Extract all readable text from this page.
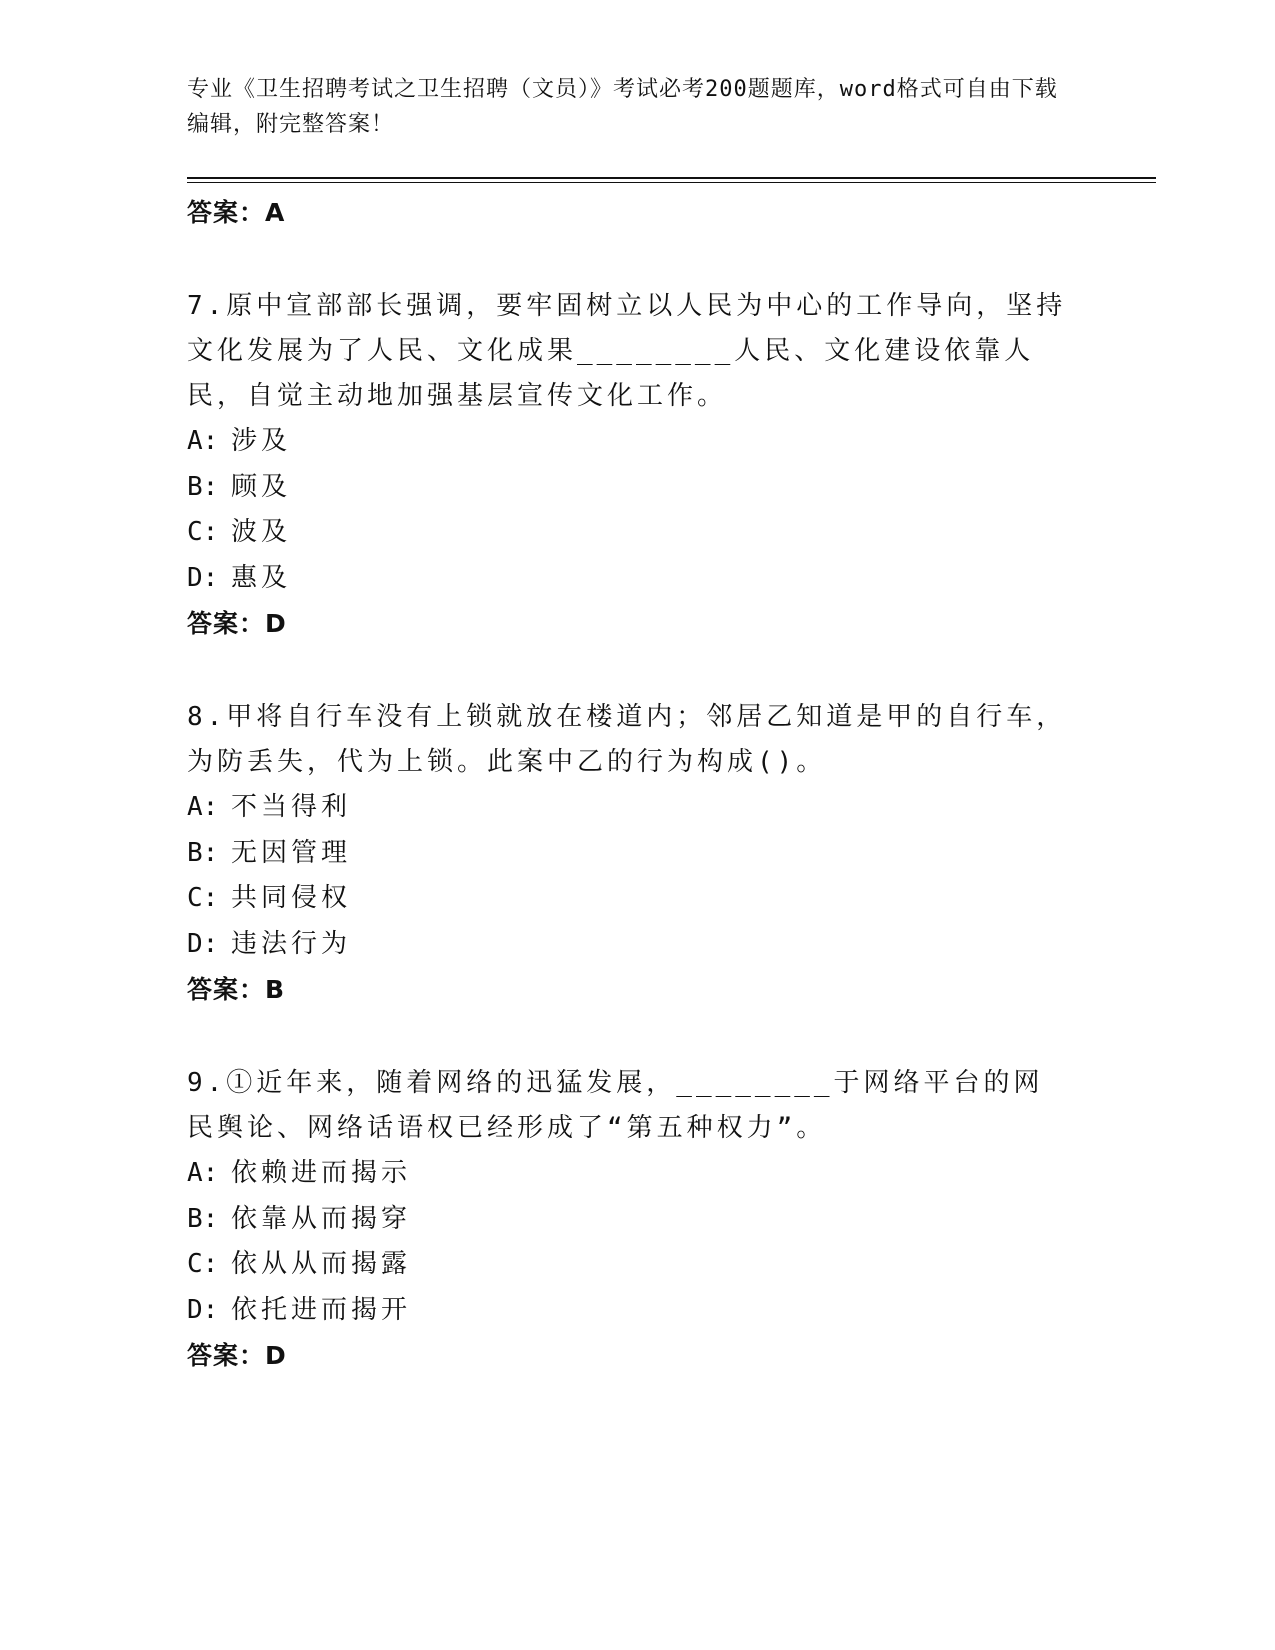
专业《卫生招聘考试之卫生招聘（文员）》考试必考200题题库，word格式可自由下载编辑，附完整答案！
答案：A

7.原中宣部部长强调，要牢固树立以人民为中心的工作导向，坚持文化发展为了人民、文化成果________人民、文化建设依靠人民，自觉主动地加强基层宣传文化工作。

A: 涉及
B: 顾及
C: 波及
D: 惠及
答案：D

8.甲将自行车没有上锁就放在楼道内；邻居乙知道是甲的自行车，为防丢失，代为上锁。此案中乙的行为构成()。

A: 不当得利
B: 无因管理
C: 共同侵权
D: 违法行为
答案：B

9.①近年来，随着网络的迅猛发展，________于网络平台的网民舆论、网络话语权已经形成了“第五种权力”。

A: 依赖进而揭示
B: 依靠从而揭穿
C: 依从从而揭露
D: 依托进而揭开
答案：D
